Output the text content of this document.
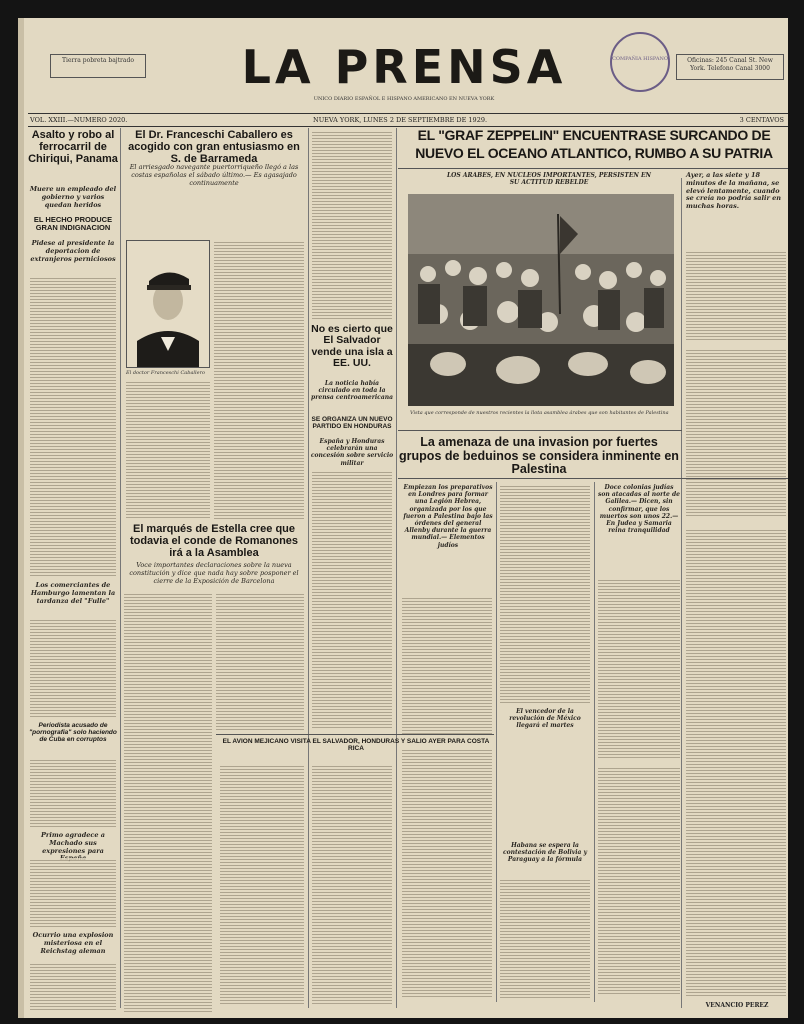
Tierra pobreta bajtrado	LA PRENSA	COMPAÑIA HISPANO	Oficinas: 245 Canal St. New York. Telefono Canal 3000
UNICO DIARIO ESPAÑOL E HISPANO AMERICANO EN NUEVA YORK
VOL. XXIII.—NUMERO 2020.	NUEVA YORK, LUNES 2 DE SEPTIEMBRE DE 1929.	3 CENTAVOS
Asalto y robo al ferrocarril de Chiriqui, Panama
Muere un empleado del gobierno y varios quedan heridos
EL HECHO PRODUCE GRAN INDIGNACION
Pidese al presidente la deportacion de extranjeros perniciosos
Los comerciantes de Hamburgo lamentan la tardanza del "Fulle"
Periodista acusado de "pornografia" solo haciendo de Cuba en corruptos
Primo agradece a Machado sus expresiones para
Ocurrio una explosion misteriosa en el Reichstag aleman
El Dr. Franceschi Caballero es acogido con gran entusiasmo en S. de Barrameda
El arriesgado navegante puertorriqueño llegó a las costas españolas el sábado último.— Es agasajado continuamente
El doctor Franceschi Caballero
El marqués de Estella cree que todavia el conde de Romanones irá a la Asamblea
Voce importantes declaraciones sobre la nueva constitución y dice que nada hay sobre posponer el cierre de la Exposición de Barcelona
No es cierto que El Salvador vende una isla a EE. UU.
La noticia había circulado en toda la prensa centroamericana
SE ORGANIZA UN NUEVO PARTIDO EN HONDURAS
España y Honduras celebrarán una concesión sobre servicio militar
EL "GRAF ZEPPELIN" ENCUENTRASE SURCANDO DE
NUEVO EL OCEANO ATLANTICO, RUMBO A SU PATRIA
LOS ARABES, EN NUCLEOS IMPORTANTES, PERSISTEN EN SU ACTITUD REBELDE
Vista que corresponde de nuestros recientes la llota asamblea árabes que son habitantes de Palestina
Ayer, a las siete y 18 minutos de la mañana, se elevó lentamente, cuando se creía no podría salir en muchas horas.
La amenaza de una invasion por fuertes grupos de beduinos se considera inminente en Palestina
Empiezan los preparativos en Londres para formar una Legión Hebrea, organizada por los que fueron a Palestina bajo las órdenes del general Allenby durante la guerra mundial.— Elementos judíos
Doce colonias judías son atacadas al norte de Galilea.— Dicen, sin confirmar, que los muertos son unos 22.— En Judea y Samaria reina tranquilidad
El vencedor de la revolución de México llegará el martes
EL AVION MEJICANO VISITA EL SALVADOR, HONDURAS Y SALIO AYER PARA COSTA RICA
Habana se espera la contestación de Bolivia y Paraguay a la fórmula
VENANCIO PEREZ
